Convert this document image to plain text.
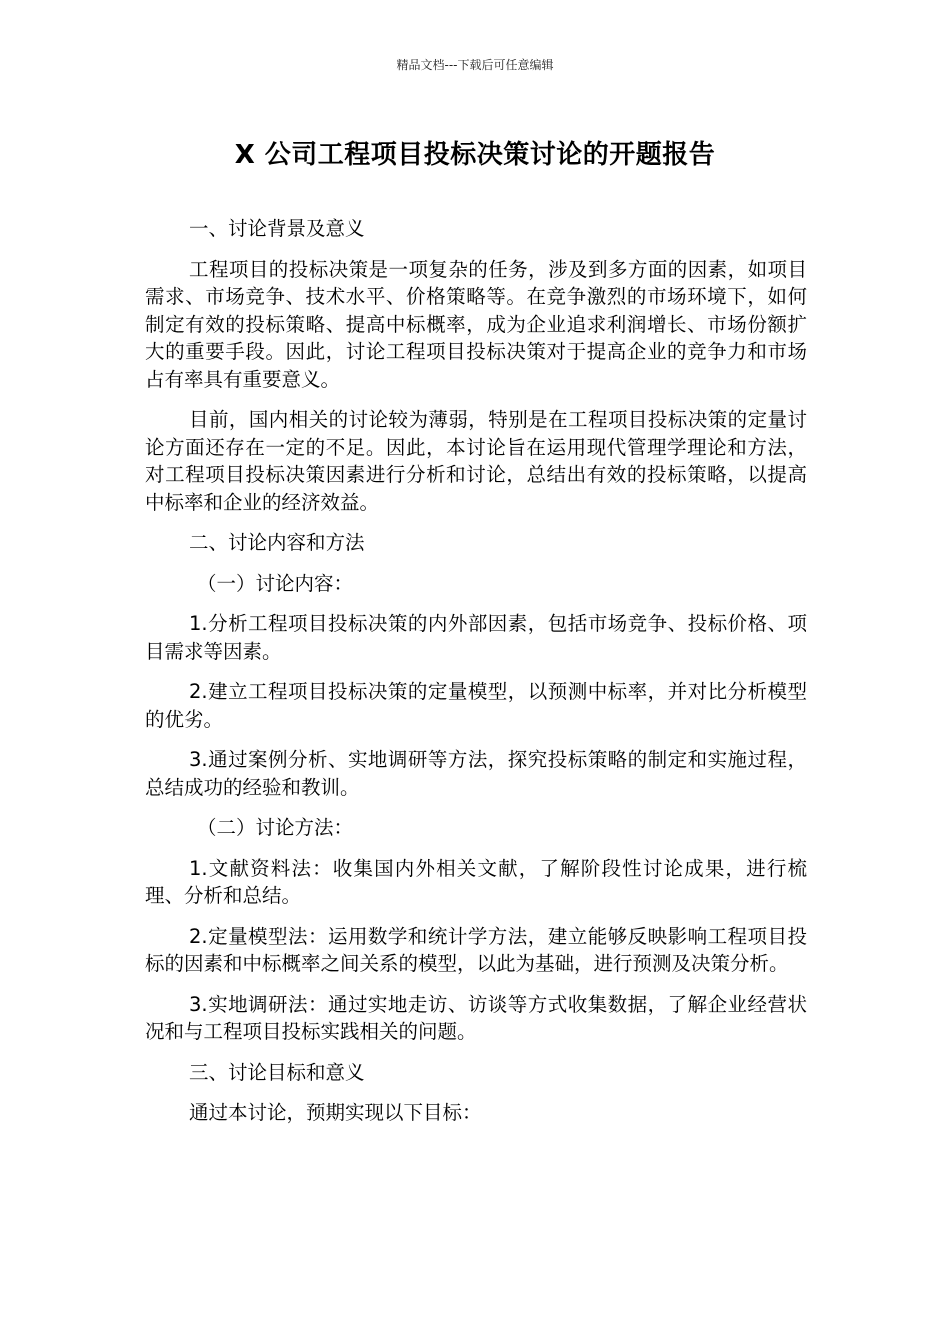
精品文档---下载后可任意编辑
X 公司工程项目投标决策讨论的开题报告

一、讨论背景及意义

工程项目的投标决策是一项复杂的任务，涉及到多方面的因素，如项目需求、市场竞争、技术水平、价格策略等。在竞争激烈的市场环境下，如何制定有效的投标策略、提高中标概率，成为企业追求利润增长、市场份额扩大的重要手段。因此，讨论工程项目投标决策对于提高企业的竞争力和市场占有率具有重要意义。

目前，国内相关的讨论较为薄弱，特别是在工程项目投标决策的定量讨论方面还存在一定的不足。因此，本讨论旨在运用现代管理学理论和方法，对工程项目投标决策因素进行分析和讨论，总结出有效的投标策略，以提高中标率和企业的经济效益。

二、讨论内容和方法

（一）讨论内容：

1.分析工程项目投标决策的内外部因素，包括市场竞争、投标价格、项目需求等因素。

2.建立工程项目投标决策的定量模型，以预测中标率，并对比分析模型的优劣。

3.通过案例分析、实地调研等方法，探究投标策略的制定和实施过程，总结成功的经验和教训。

（二）讨论方法：

1.文献资料法：收集国内外相关文献，了解阶段性讨论成果，进行梳理、分析和总结。

2.定量模型法：运用数学和统计学方法，建立能够反映影响工程项目投标的因素和中标概率之间关系的模型，以此为基础，进行预测及决策分析。

3.实地调研法：通过实地走访、访谈等方式收集数据，了解企业经营状况和与工程项目投标实践相关的问题。

三、讨论目标和意义

通过本讨论，预期实现以下目标：
